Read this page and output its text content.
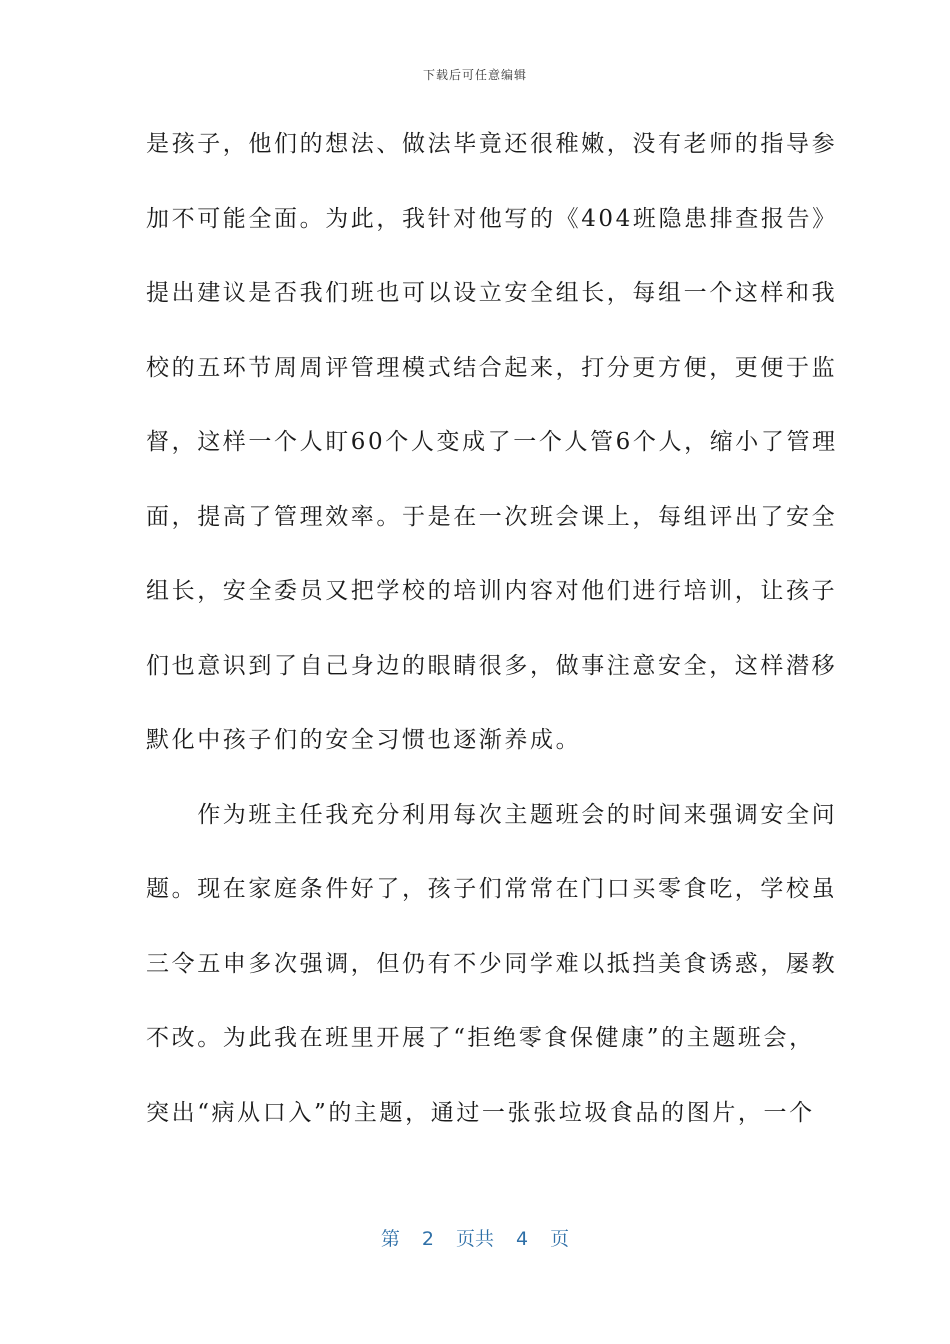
下载后可任意编辑
是孩子，他们的想法、做法毕竟还很稚嫩，没有老师的指导参
加不可能全面。为此，我针对他写的《404班隐患排查报告》
提出建议是否我们班也可以设立安全组长，每组一个这样和我
校的五环节周周评管理模式结合起来，打分更方便，更便于监
督，这样一个人盯60个人变成了一个人管6个人，缩小了管理
面，提高了管理效率。于是在一次班会课上，每组评出了安全
组长，安全委员又把学校的培训内容对他们进行培训，让孩子
们也意识到了自己身边的眼睛很多，做事注意安全，这样潜移
默化中孩子们的安全习惯也逐渐养成。
　　作为班主任我充分利用每次主题班会的时间来强调安全问
题。现在家庭条件好了，孩子们常常在门口买零食吃，学校虽
三令五申多次强调，但仍有不少同学难以抵挡美食诱惑，屡教
不改。为此我在班里开展了“拒绝零食保健康”的主题班会，
突出“病从口入”的主题，通过一张张垃圾食品的图片，一个
第 2 页共 4 页
